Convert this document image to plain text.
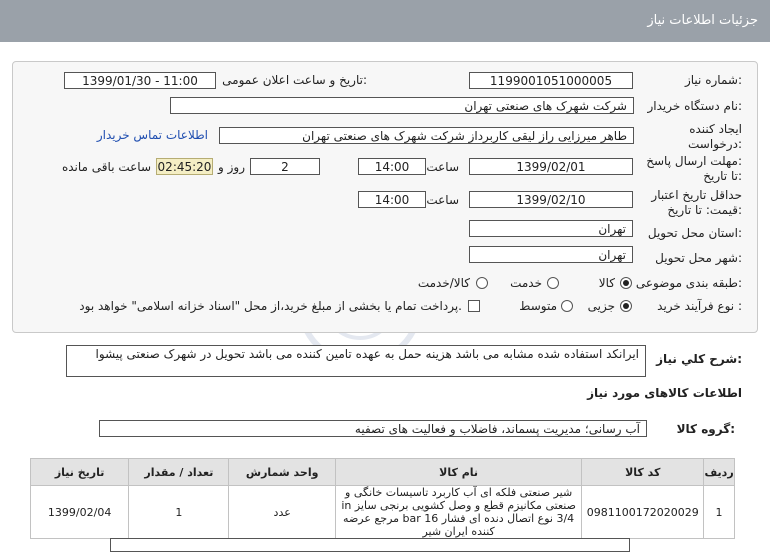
جزئیات اطلاعات نیاز
شماره نیاز:
1199001051000005
تاریخ و ساعت اعلان عمومی:
1399/01/30 - 11:00
نام دستگاه خریدار:
شرکت شهرک های صنعتی تهران
ایجاد کننده
درخواست:
طاهر میرزایی راز لیقی کاربرداز شرکت شهرک های صنعتی تهران
اطلاعات تماس خریدار
مهلت ارسال پاسخ:
تا تاریخ:
1399/02/01
ساعت
14:00
2
روز و
02:45:20
ساعت باقی مانده
حداقل تاریخ اعتبار
قیمت: تا تاریخ:
1399/02/10
ساعت
14:00
استان محل تحویل:
تهران
شهر محل تحویل:
تهران
طبقه بندی موضوعی:
کالا
خدمت
کالا/خدمت
نوع فرآیند خرید :
جزیی
متوسط
پرداخت تمام یا بخشی از مبلغ خرید،از محل "اسناد خزانه اسلامی" خواهد بود.
شرح کلي نياز:
ایرانکد استفاده شده مشابه می باشد هزینه حمل به عهده تامین کننده می باشد تحویل در شهرک صنعتی پیشوا
اطلاعات کالاهای مورد نیاز
گروه کالا:
آب رسانی؛ مدیریت پسماند، فاضلاب و فعالیت های تصفیه
ردیف	کد کالا	نام کالا	واحد شمارش	تعداد / مقدار	تاریخ نیاز
1	0981100172020029	شیر صنعتی فلکه ای آب کاربرد تاسیسات خانگی و صنعتی مکانیزم قطع و وصل کشویی برنجی سایز in 3/4 نوع اتصال دنده ای فشار bar 16 مرجع عرضه کننده ایران شیر	عدد	1	1399/02/04
